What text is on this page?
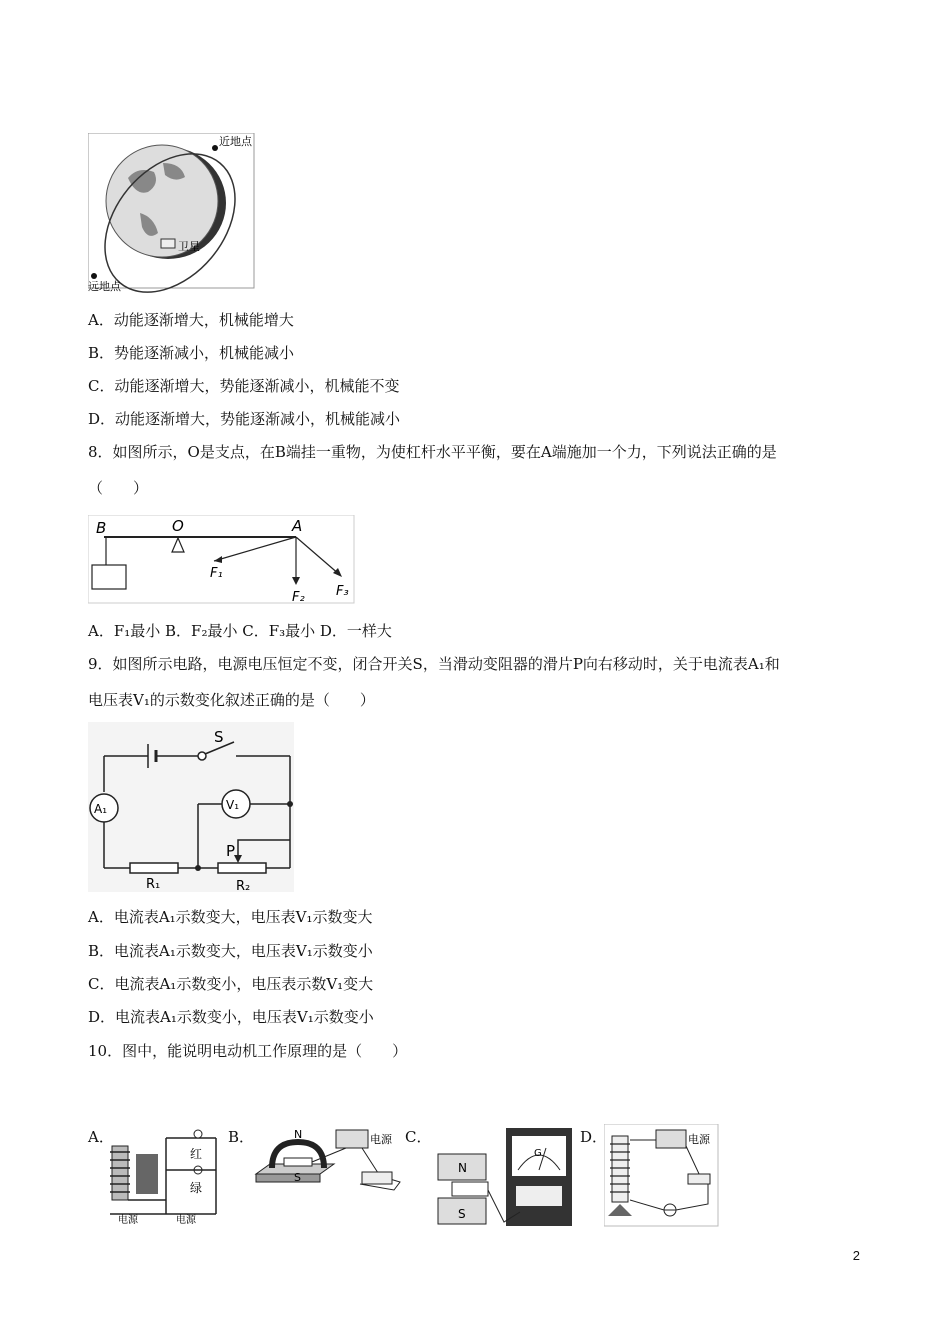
近地点
远地点
卫星
A．动能逐渐增大，机械能增大
B．势能逐渐减小，机械能减小
C．动能逐渐增大，势能逐渐减小，机械能不变
D．动能逐渐增大，势能逐渐减小，机械能减小
8．如图所示，O是支点，在B端挂一重物，为使杠杆水平平衡，要在A端施加一个力，下列说法正确的是
（　　）
B	O	A
F₁
F₂ F₃
A．F₁最小 B．F₂最小 C．F₃最小 D．一样大
9．如图所示电路，电源电压恒定不变，闭合开关S，当滑动变阻器的滑片P向右移动时，关于电流表A₁和
电压表V₁的示数变化叙述正确的是（　　）
S
A₁
R₁	R₂
V₁
P
A．电流表A₁示数变大，电压表V₁示数变大
B．电流表A₁示数变大，电压表V₁示数变小
C．电流表A₁示数变小，电压表示数V₁变大
D．电流表A₁示数变小，电压表V₁示数变小
10．图中，能说明电动机工作原理的是（　　）
A．
红
绿
电源	电源
B．	N
S
电源 C．
N
S
G
D．	电源
2
